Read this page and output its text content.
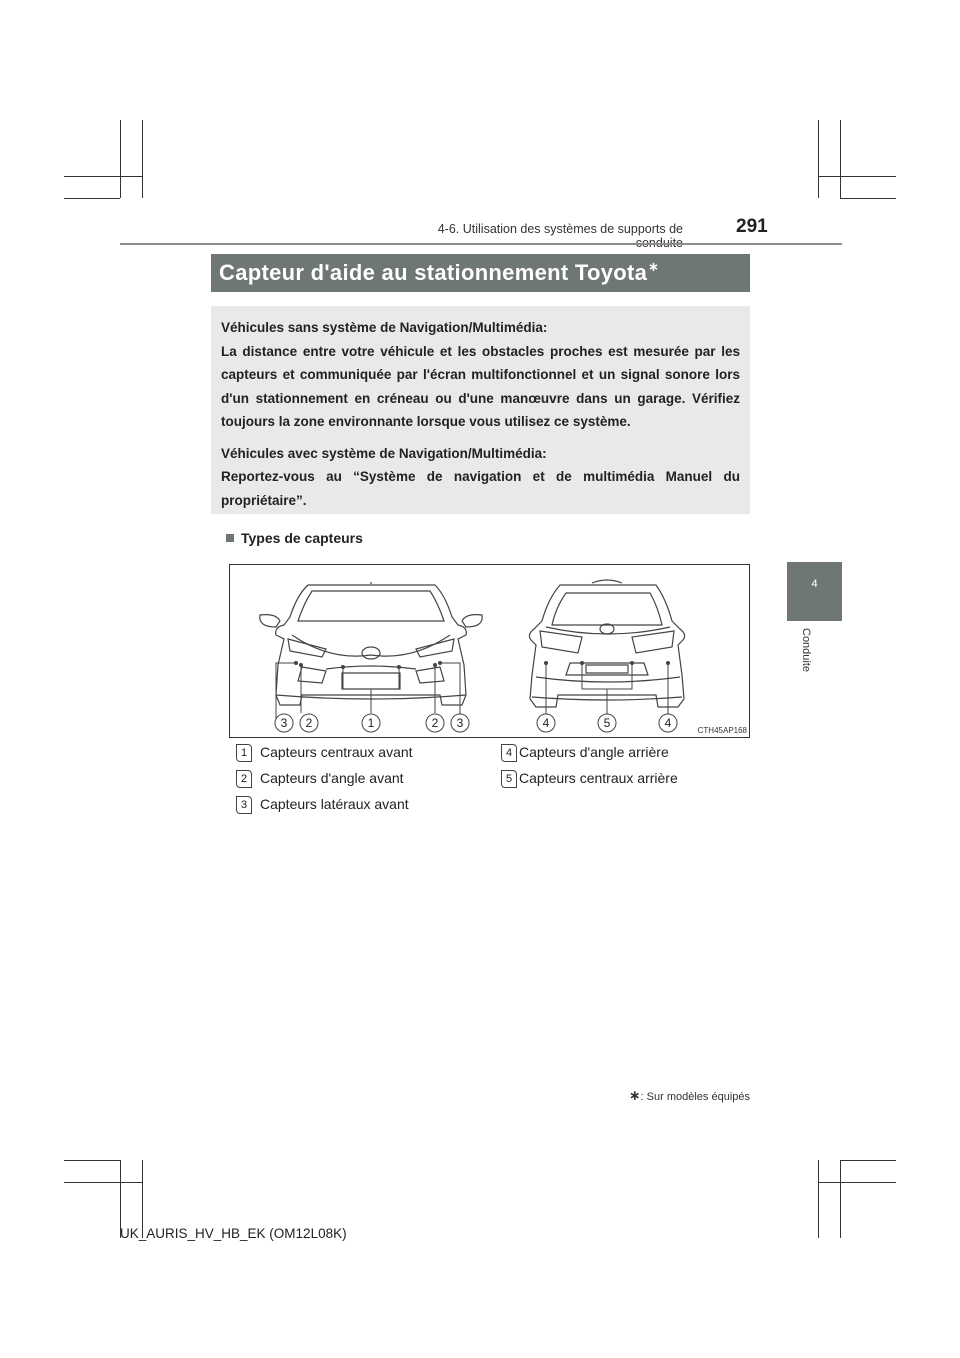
4-6. Utilisation des systèmes de supports de	291
4
Conduite
Capteur d'aide au stationnement Toyota∗

Véhicules sans système de Navigation/Multimédia:
La distance entre votre véhicule et les obstacles proches est mesurée par les capteurs et communiquée par l'écran multifonctionnel et un signal sonore lors d'un stationnement en créneau ou d'une manœuvre dans un garage. Vérifiez toujours la zone environnante lorsque vous utilisez ce système.

Véhicules avec système de Navigation/Multimédia:
Reportez-vous au “Système de navigation et de multimédia Manuel du propriétaire”.

Types de capteurs
3 2	1	2 3	4	5	4
CTH45AP168
1 Capteurs centraux avant
2 Capteurs d'angle avant
3 Capteurs latéraux avant
4 Capteurs d'angle arrière
5 Capteurs centraux arrière
∗: Sur modèles équipés
UK_AURIS_HV_HB_EK (OM12L08K)
